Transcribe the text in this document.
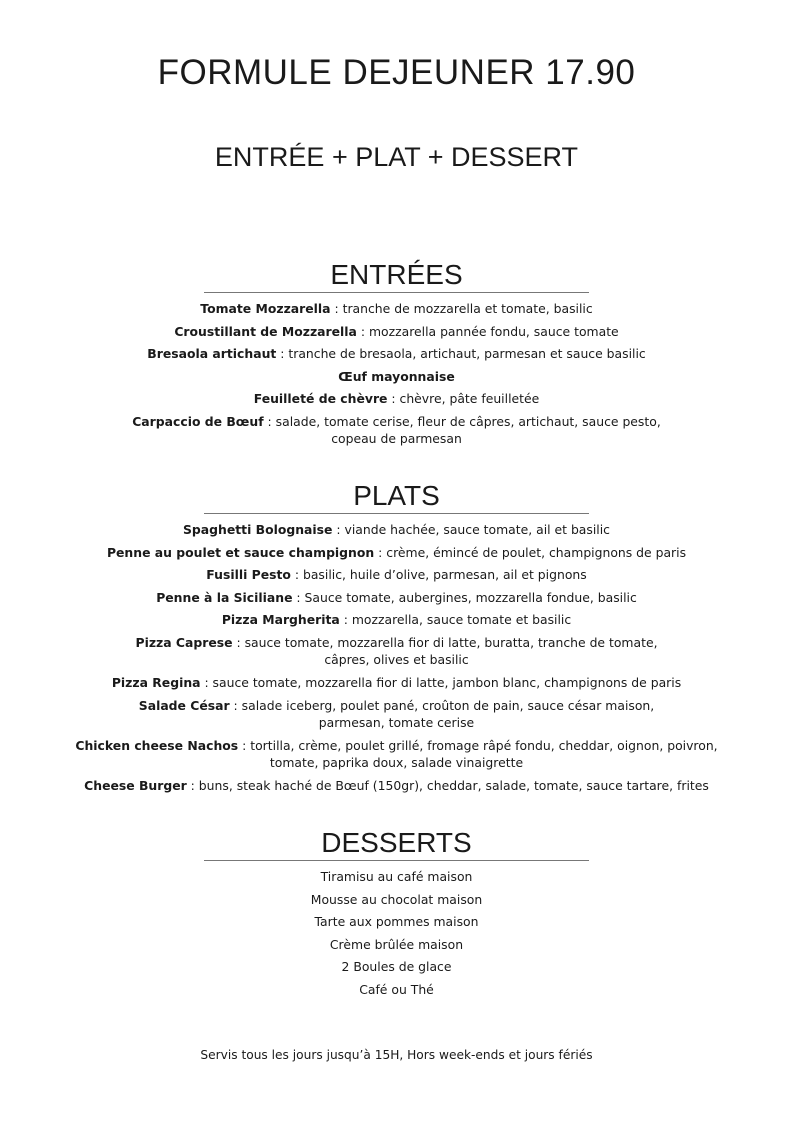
FORMULE DEJEUNER 17.90
ENTRÉE + PLAT + DESSERT
ENTRÉES
Tomate Mozzarella : tranche de mozzarella et tomate, basilic
Croustillant de Mozzarella : mozzarella pannée fondu, sauce tomate
Bresaola artichaut : tranche de bresaola, artichaut, parmesan et sauce basilic
Œuf mayonnaise
Feuilleté de chèvre : chèvre, pâte feuilletée
Carpaccio de Bœuf : salade, tomate cerise, fleur de câpres, artichaut, sauce pesto,
copeau de parmesan
PLATS
Spaghetti Bolognaise : viande hachée, sauce tomate, ail et basilic
Penne au poulet et sauce champignon : crème, émincé de poulet, champignons de paris
Fusilli Pesto : basilic, huile d’olive, parmesan, ail et pignons
Penne à la Siciliane : Sauce tomate, aubergines, mozzarella fondue, basilic
Pizza Margherita : mozzarella, sauce tomate et basilic
Pizza Caprese : sauce tomate, mozzarella fior di latte, buratta, tranche de tomate,
câpres, olives et basilic
Pizza Regina : sauce tomate, mozzarella fior di latte, jambon blanc, champignons de paris
Salade César : salade iceberg, poulet pané, croûton de pain, sauce césar maison,
parmesan, tomate cerise
Chicken cheese Nachos : tortilla, crème, poulet grillé, fromage râpé fondu, cheddar, oignon, poivron,
tomate, paprika doux, salade vinaigrette
Cheese Burger : buns, steak haché de Bœuf (150gr), cheddar, salade, tomate, sauce tartare, frites
DESSERTS
Tiramisu au café maison
Mousse au chocolat maison
Tarte aux pommes maison
Crème brûlée maison
2 Boules de glace
Café ou Thé

Servis tous les jours jusqu’à 15H, Hors week-ends et jours fériés
